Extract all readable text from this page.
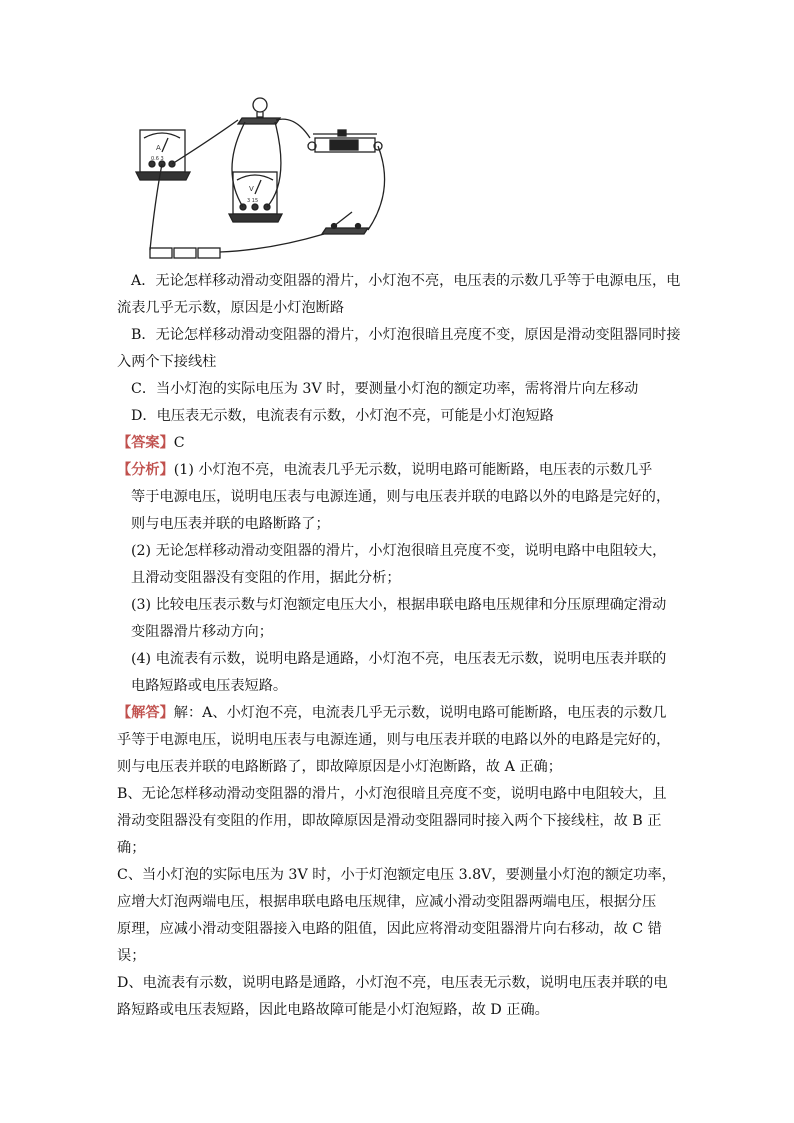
A
V
3 15
0.6 3
A．无论怎样移动滑动变阻器的滑片，小灯泡不亮，电压表的示数几乎等于电源电压，电
流表几乎无示数，原因是小灯泡断路
B．无论怎样移动滑动变阻器的滑片，小灯泡很暗且亮度不变，原因是滑动变阻器同时接
入两个下接线柱
C．当小灯泡的实际电压为 3V 时，要测量小灯泡的额定功率，需将滑片向左移动
D．电压表无示数，电流表有示数，小灯泡不亮，可能是小灯泡短路
【答案】C
【分析】(1) 小灯泡不亮，电流表几乎无示数，说明电路可能断路，电压表的示数几乎
等于电源电压，说明电压表与电源连通，则与电压表并联的电路以外的电路是完好的，
则与电压表并联的电路断路了；
(2) 无论怎样移动滑动变阻器的滑片，小灯泡很暗且亮度不变，说明电路中电阻较大，
且滑动变阻器没有变阻的作用，据此分析；
(3) 比较电压表示数与灯泡额定电压大小，根据串联电路电压规律和分压原理确定滑动
变阻器滑片移动方向；
(4) 电流表有示数，说明电路是通路，小灯泡不亮，电压表无示数，说明电压表并联的
电路短路或电压表短路。
【解答】解：A、小灯泡不亮，电流表几乎无示数，说明电路可能断路，电压表的示数几
乎等于电源电压，说明电压表与电源连通，则与电压表并联的电路以外的电路是完好的，
则与电压表并联的电路断路了，即故障原因是小灯泡断路，故 A 正确；
B、无论怎样移动滑动变阻器的滑片，小灯泡很暗且亮度不变，说明电路中电阻较大，且
滑动变阻器没有变阻的作用，即故障原因是滑动变阻器同时接入两个下接线柱，故 B 正
确；
C、当小灯泡的实际电压为 3V 时，小于灯泡额定电压 3.8V，要测量小灯泡的额定功率，
应增大灯泡两端电压，根据串联电路电压规律，应减小滑动变阻器两端电压，根据分压
原理，应减小滑动变阻器接入电路的阻值，因此应将滑动变阻器滑片向右移动，故 C 错
误；
D、电流表有示数，说明电路是通路，小灯泡不亮，电压表无示数，说明电压表并联的电
路短路或电压表短路，因此电路故障可能是小灯泡短路，故 D 正确。
